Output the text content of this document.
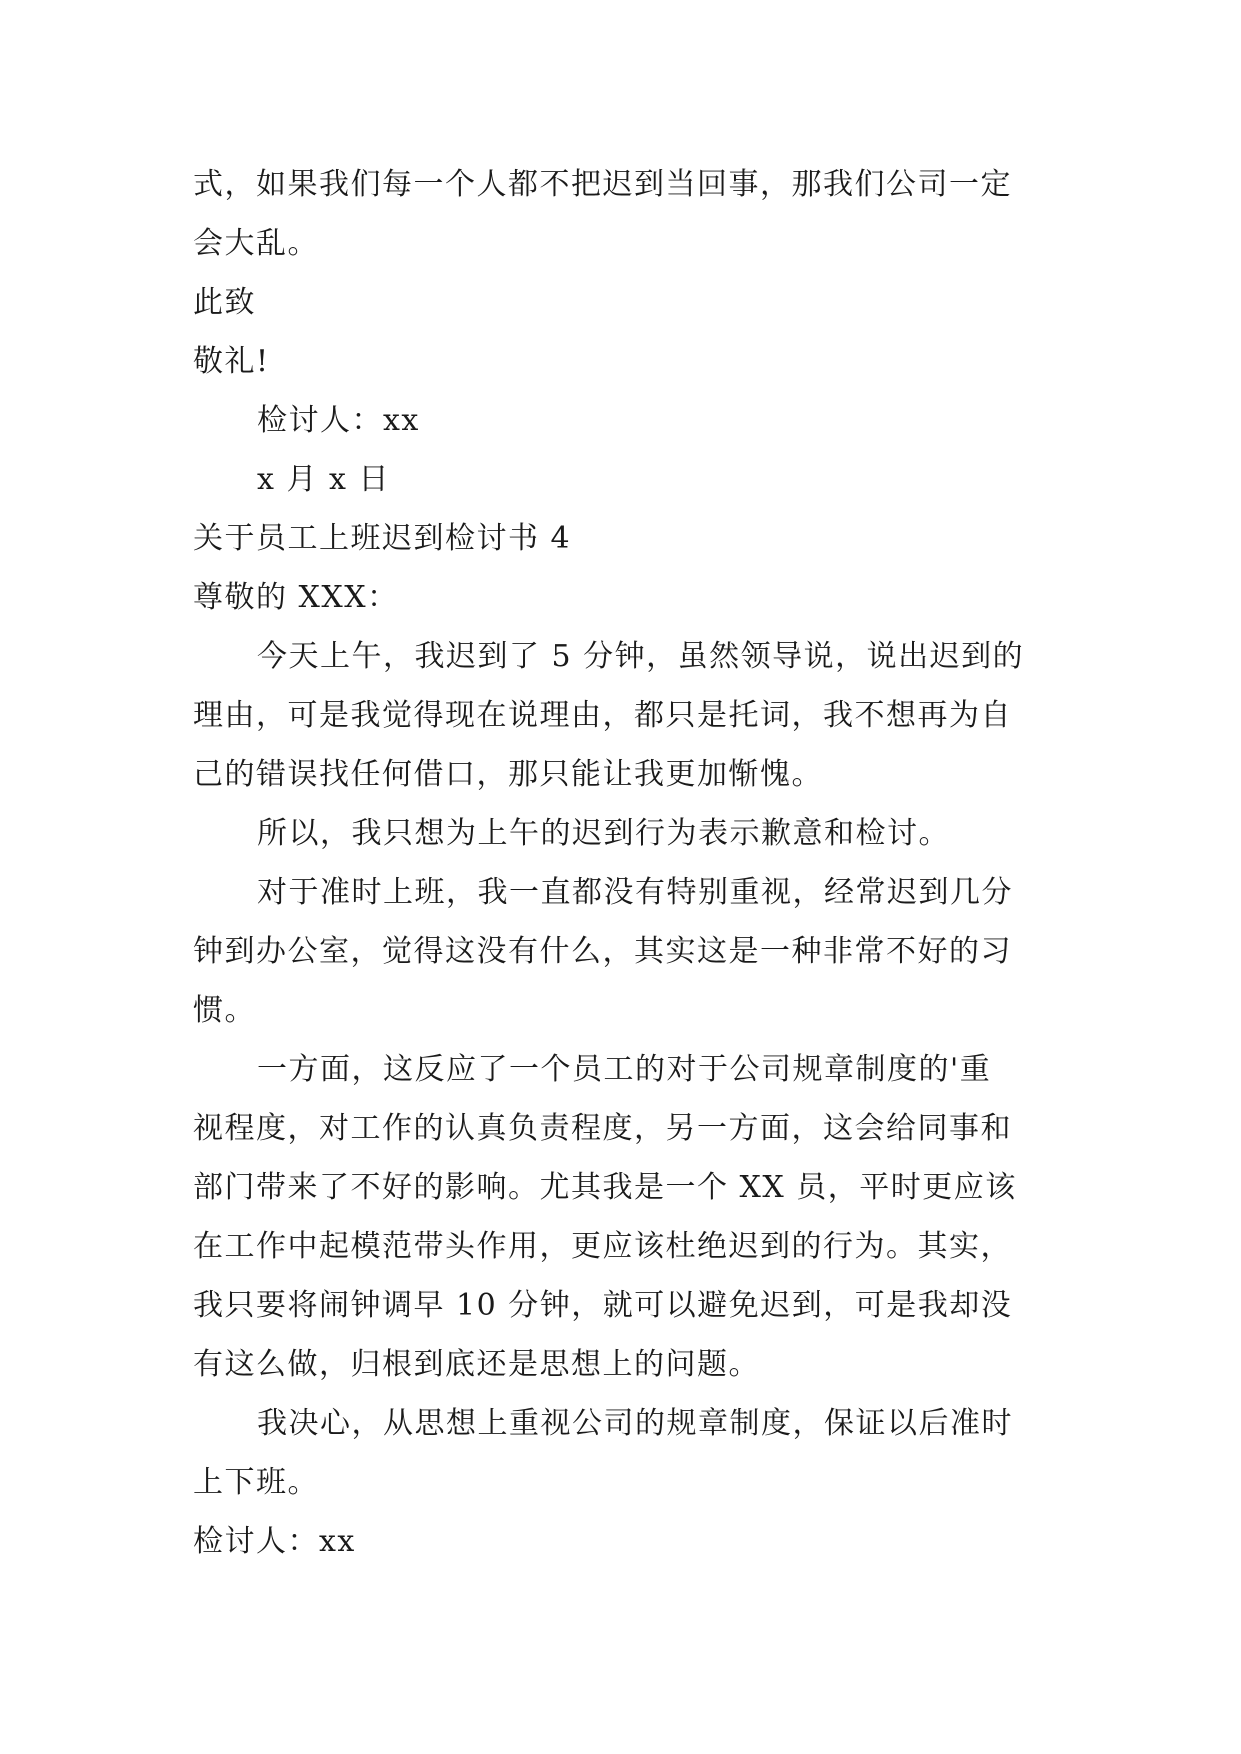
式，如果我们每一个人都不把迟到当回事，那我们公司一定
会大乱。
此致
敬礼!
检讨人：xx
x 月 x 日
关于员工上班迟到检讨书 4
尊敬的 XXX：
今天上午，我迟到了 5 分钟，虽然领导说，说出迟到的
理由，可是我觉得现在说理由，都只是托词，我不想再为自
己的错误找任何借口，那只能让我更加惭愧。
所以，我只想为上午的迟到行为表示歉意和检讨。
对于准时上班，我一直都没有特别重视，经常迟到几分
钟到办公室，觉得这没有什么，其实这是一种非常不好的习
惯。
一方面，这反应了一个员工的对于公司规章制度的'重
视程度，对工作的认真负责程度，另一方面，这会给同事和
部门带来了不好的影响。尤其我是一个 XX 员，平时更应该
在工作中起模范带头作用，更应该杜绝迟到的行为。其实，
我只要将闹钟调早 10 分钟，就可以避免迟到，可是我却没
有这么做，归根到底还是思想上的问题。
我决心，从思想上重视公司的规章制度，保证以后准时
上下班。
检讨人：xx
